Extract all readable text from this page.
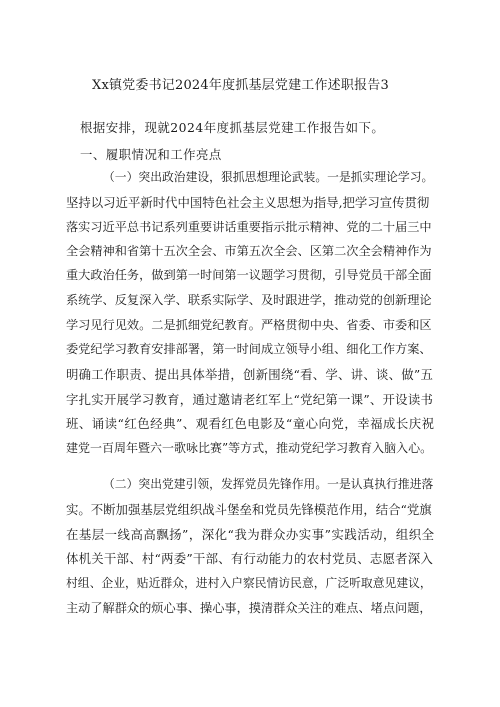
Xx镇党委书记2024年度抓基层党建工作述职报告3

根据安排，现就2024年度抓基层党建工作报告如下。

一、履职情况和工作亮点

（一）突出政治建设，狠抓思想理论武装。一是抓实理论学习。

坚持以习近平新时代中国特色社会主义思想为指导,把学习宣传贯彻

落实习近平总书记系列重要讲话重要指示批示精神、党的二十届三中

全会精神和省第十五次全会、市第五次全会、区第二次全会精神作为

重大政治任务，做到第一时间第一议题学习贯彻，引导党员干部全面

系统学、反复深入学、联系实际学、及时跟进学，推动党的创新理论

学习见行见效。二是抓细党纪教育。严格贯彻中央、省委、市委和区

委党纪学习教育安排部署，第一时间成立领导小组、细化工作方案、

明确工作职责、提出具体举措，创新围绕“看、学、讲、谈、做”五

字扎实开展学习教育，通过邀请老红军上“党纪第一课”、开设读书

班、诵读“红色经典”、观看红色电影及“童心向党，幸福成长庆祝

建党一百周年暨六一歌咏比赛”等方式，推动党纪学习教育入脑入心。

（二）突出党建引领，发挥党员先锋作用。一是认真执行推进落

实。不断加强基层党组织战斗堡垒和党员先锋模范作用，结合“党旗

在基层一线高高飘扬”，深化“我为群众办实事”实践活动，组织全

体机关干部、村“两委”干部、有行动能力的农村党员、志愿者深入

村组、企业，贴近群众，进村入户察民情访民意，广泛听取意见建议，

主动了解群众的烦心事、操心事，摸清群众关注的难点、堵点问题，
